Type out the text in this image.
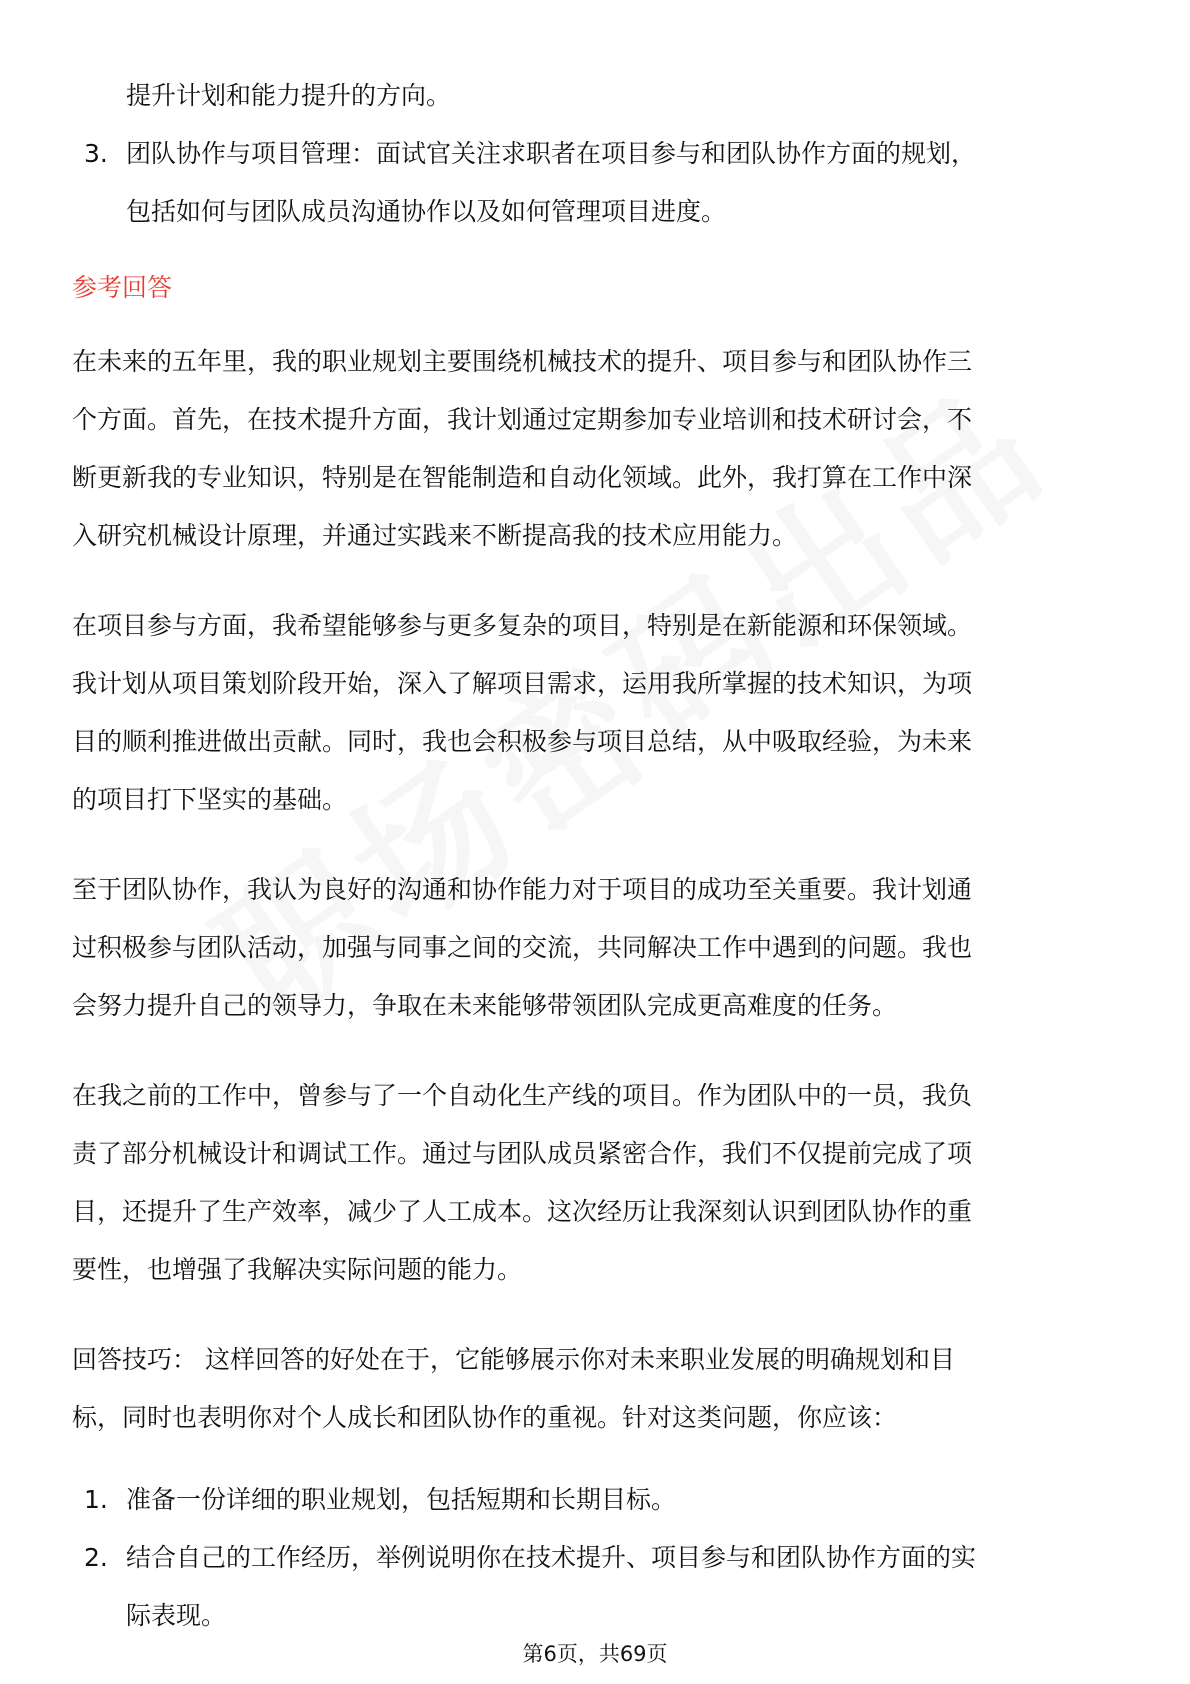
提升计划和能力提升的方向。
3. 团队协作与项目管理：面试官关注求职者在项目参与和团队协作方面的规划，
包括如何与团队成员沟通协作以及如何管理项目进度。
参考回答
在未来的五年里，我的职业规划主要围绕机械技术的提升、项目参与和团队协作三
个方面。首先，在技术提升方面，我计划通过定期参加专业培训和技术研讨会，不
断更新我的专业知识，特别是在智能制造和自动化领域。此外，我打算在工作中深
入研究机械设计原理，并通过实践来不断提高我的技术应用能力。
在项目参与方面，我希望能够参与更多复杂的项目，特别是在新能源和环保领域。
我计划从项目策划阶段开始，深入了解项目需求，运用我所掌握的技术知识，为项
目的顺利推进做出贡献。同时，我也会积极参与项目总结，从中吸取经验，为未来
的项目打下坚实的基础。
至于团队协作，我认为良好的沟通和协作能力对于项目的成功至关重要。我计划通
过积极参与团队活动，加强与同事之间的交流，共同解决工作中遇到的问题。我也
会努力提升自己的领导力，争取在未来能够带领团队完成更高难度的任务。
在我之前的工作中，曾参与了一个自动化生产线的项目。作为团队中的一员，我负
责了部分机械设计和调试工作。通过与团队成员紧密合作，我们不仅提前完成了项
目，还提升了生产效率，减少了人工成本。这次经历让我深刻认识到团队协作的重
要性，也增强了我解决实际问题的能力。
回答技巧： 这样回答的好处在于，它能够展示你对未来职业发展的明确规划和目
标，同时也表明你对个人成长和团队协作的重视。针对这类问题，你应该：
1. 准备一份详细的职业规划，包括短期和长期目标。
2. 结合自己的工作经历，举例说明你在技术提升、项目参与和团队协作方面的实
际表现。
第6页，共69页
